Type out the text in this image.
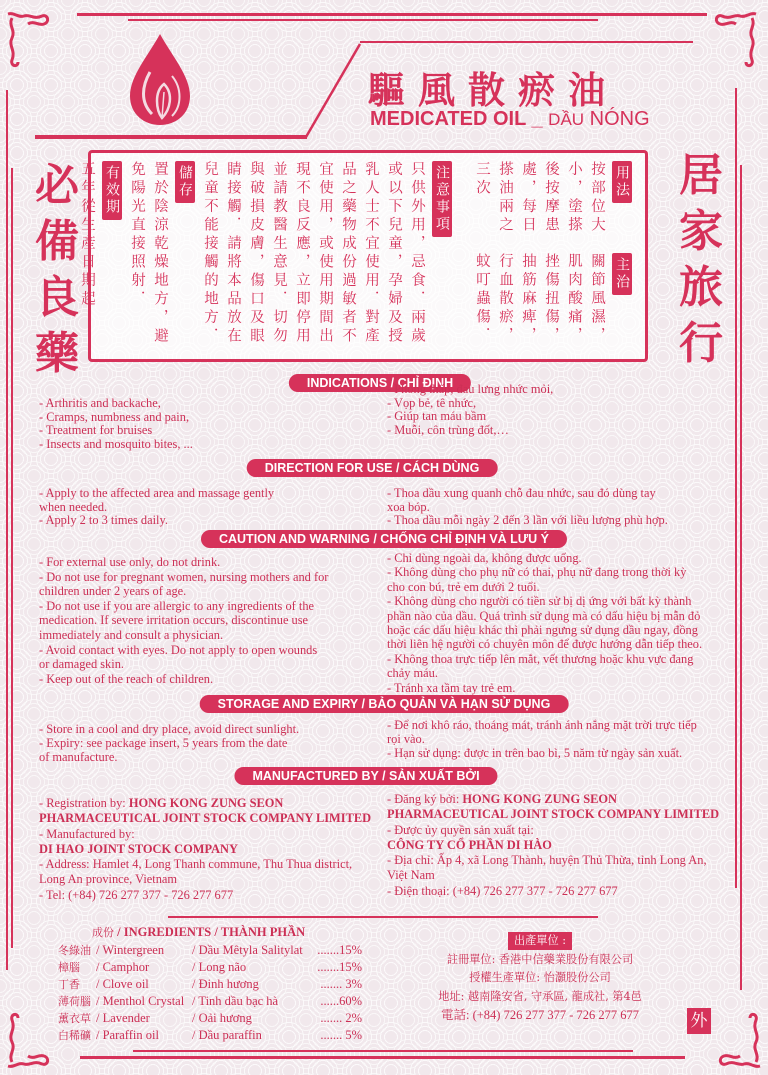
驅風散瘀油
MEDICATED OIL _ DẦU NÓNG
必
備
良
藥
居
家
旅
行
用法
按部位大
小，塗搽
後按摩患
處，每日
搽油兩之
三次
主治
關節風濕，
肌肉酸痛，
挫傷扭傷，
抽筋麻痺，
行血散瘀，
蚊叮蟲傷．
注意事項
只供外用，忌食．兩歲
或以下兒童，孕婦及授
乳人士不宜使用．對產
品之藥物成份過敏者不
宜使用，或使用期間出
現不良反應，立即停用
並請教醫生意見．切勿
與破損皮膚，傷口及眼
睛接觸．請將本品放在
兒童不能接觸的地方．
儲存
置於陰涼乾燥地方，避
免陽光直接照射．
有效期
五年從生產日期起
INDICATIONS / CHỈ ĐỊNH
- Arthritis and backache,
- Cramps, numbness and pain,
- Treatment for bruises
- Insects and mosquito bites, ...
- Phong thấp, đau lưng nhức mỏi,
- Vọp bẻ, tê nhức,
- Giúp tan máu bầm
- Muỗi, côn trùng đốt,…
DIRECTION FOR USE / CÁCH DÙNG
- Apply to the affected area and massage gently
when needed.
- Apply 2 to 3 times daily.
- Thoa dầu xung quanh chỗ đau nhức, sau đó dùng tay
xoa bóp.
- Thoa dầu mỗi ngày 2 đến 3 lần với liều lượng phù hợp.
CAUTION AND WARNING / CHỐNG CHỈ ĐỊNH VÀ LƯU Ý
- For external use only, do not drink.
- Do not use for pregnant women, nursing mothers and for
children under 2 years of age.
- Do not use if you are allergic to any ingredients of the
medication. If severe irritation occurs, discontinue use
immediately and consult a physician.
- Avoid contact with eyes. Do not apply to open wounds
or damaged skin.
- Keep out of the reach of children.
- Chỉ dùng ngoài da, không được uống.
- Không dùng cho phụ nữ có thai, phụ nữ đang trong thời kỳ
cho con bú, trẻ em dưới 2 tuổi.
- Không dùng cho người có tiền sử bị dị ứng với bất kỳ thành
phần nào của dầu. Quá trình sử dụng mà có dấu hiệu bị mẫn đỏ
hoặc các dấu hiệu khác thì phải ngưng sử dụng dầu ngay, đồng
thời liên hệ người có chuyên môn để được hướng dẫn tiếp theo.
- Không thoa trực tiếp lên mắt, vết thương hoặc khu vực đang
chảy máu.
- Tránh xa tầm tay trẻ em.
STORAGE AND EXPIRY / BẢO QUẢN VÀ HẠN SỬ DỤNG
- Store in a cool and dry place, avoid direct sunlight.
- Expiry: see package insert, 5 years from the date
of manufacture.
- Để nơi khô ráo, thoáng mát, tránh ánh nắng mặt trời trực tiếp
rọi vào.
- Hạn sử dụng: được in trên bao bì, 5 năm từ ngày sản xuất.
MANUFACTURED BY / SẢN XUẤT BỞI
- Registration by: HONG KONG ZUNG SEON
PHARMACEUTICAL JOINT STOCK COMPANY LIMITED
- Manufactured by:
DI HAO JOINT STOCK COMPANY
- Address: Hamlet 4, Long Thanh commune, Thu Thua district,
Long An province, Vietnam
- Tel: (+84) 726 277 377 - 726 277 677
- Đăng ký bởi: HONG KONG ZUNG SEON
PHARMACEUTICAL JOINT STOCK COMPANY LIMITED
- Được ủy quyền sản xuất tại:
CÔNG TY CỔ PHẦN DI HÀO
- Địa chỉ: Ấp 4, xã Long Thành, huyện Thủ Thừa, tỉnh Long An,
Việt Nam
- Điện thoại: (+84) 726 277 377 - 726 277 677
成份 / INGREDIENTS / THÀNH PHẦN
冬綠油 / Wintergreen	/ Dầu Mêtyla Salitylat	.......15%
樟腦	/ Camphor	/ Long não	.......15%
丁香	/ Clove oil	/ Đinh hương	....... 3%
薄荷腦 / Menthol Crystal / Tinh dầu bạc hà	......60%
薰衣草 / Lavender	/ Oải hương	....... 2%
白稀礦 / Paraffin oil	/ Dầu paraffin	....... 5%
出產單位 :
註冊單位: 香港中信藥業股份有限公司
授權生產單位: 怡灝股份公司
地址: 越南隆安省, 守承區, 龍成社, 第4邑
電話: (+84) 726 277 377 - 726 277 677	外
